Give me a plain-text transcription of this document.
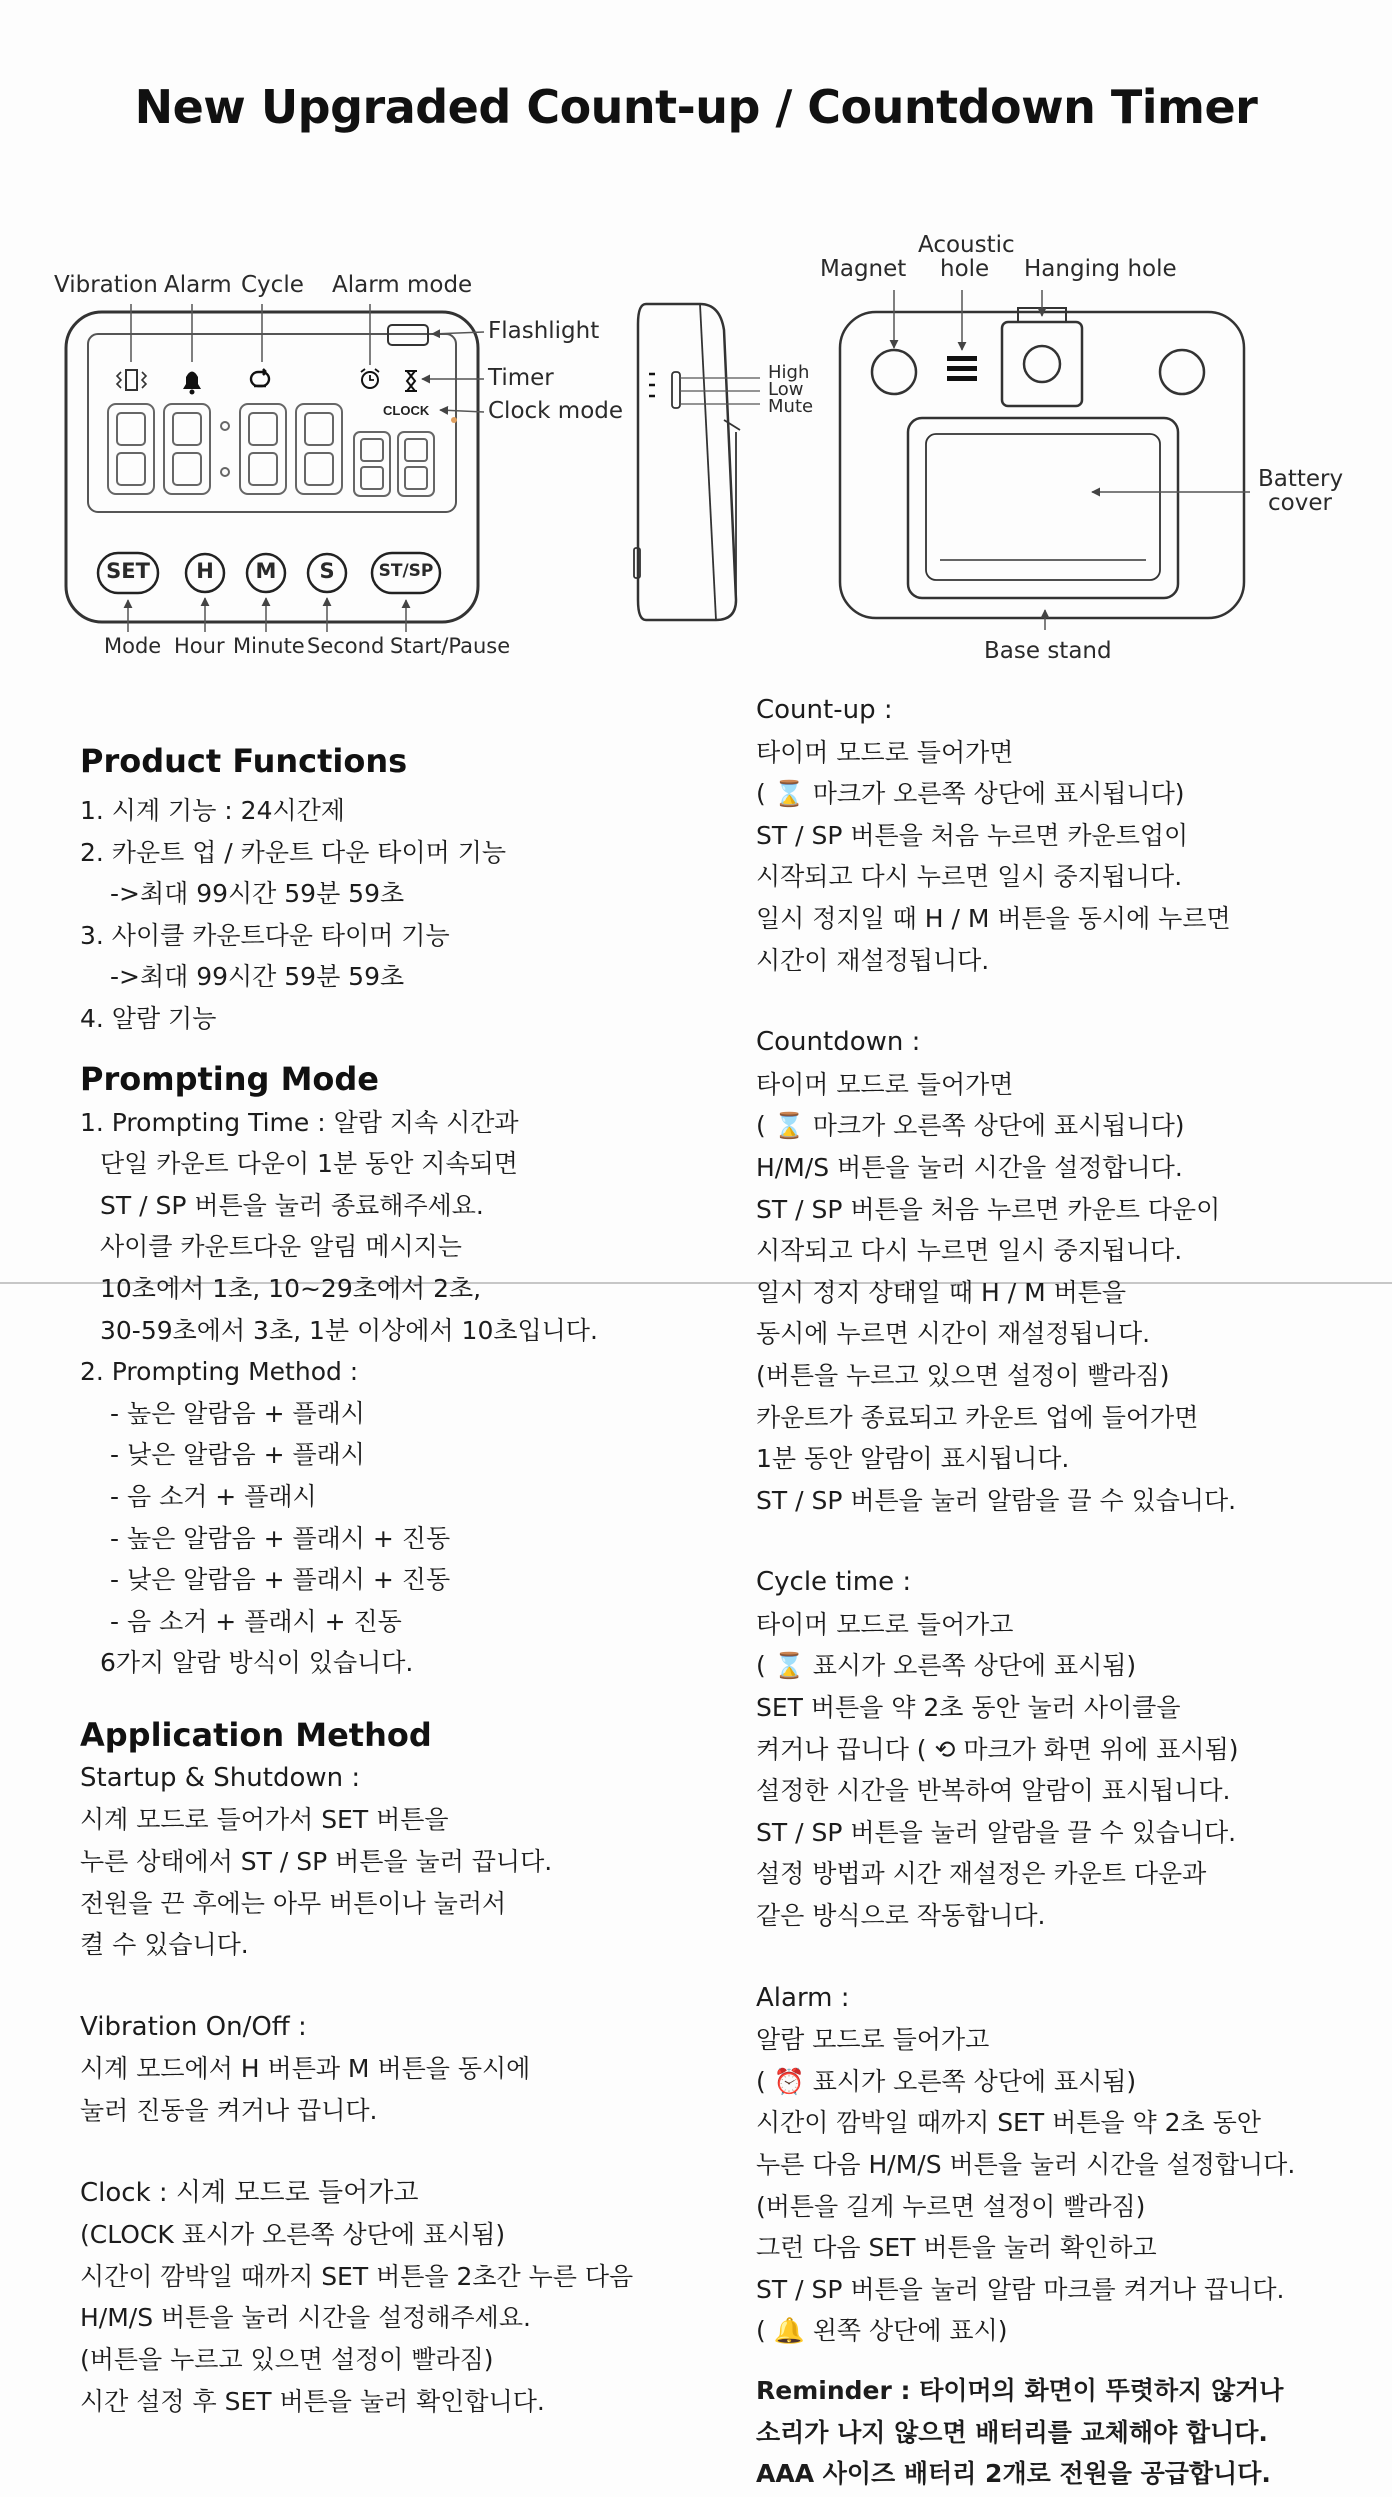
New Upgraded Count-up / Countdown Timer
CLOCK
Vibration Alarm Cycle Alarm mode
Flashlight
Timer
Clock mode
SET	H	M	S	ST/SP
Mode Hour Minute Second Start/Pause
High
Low
Mute
Magnet
Acoustic
hole Hanging hole
Battery
cover
Base stand
Product Functions

1. 시계 기능 : 24시간제

2. 카운트 업 / 카운트 다운 타이머 기능

->최대 99시간 59분 59초

3. 사이클 카운트다운 타이머 기능

->최대 99시간 59분 59초

4. 알람 기능

Prompting Mode

1. Prompting Time : 알람 지속 시간과

단일 카운트 다운이 1분 동안 지속되면

ST / SP 버튼을 눌러 종료해주세요.

사이클 카운트다운 알림 메시지는

10초에서 1초, 10~29초에서 2초,

30-59초에서 3초, 1분 이상에서 10초입니다.

2. Prompting Method :

- 높은 알람음 + 플래시

- 낮은 알람음 + 플래시

- 음 소거 + 플래시

- 높은 알람음 + 플래시 + 진동

- 낮은 알람음 + 플래시 + 진동

- 음 소거 + 플래시 + 진동

6가지 알람 방식이 있습니다.

Application Method

Startup & Shutdown :

시계 모드로 들어가서 SET 버튼을

누른 상태에서 ST / SP 버튼을 눌러 끕니다.

전원을 끈 후에는 아무 버튼이나 눌러서

켤 수 있습니다.

Vibration On/Off :

시계 모드에서 H 버튼과 M 버튼을 동시에

눌러 진동을 켜거나 끕니다.

Clock : 시계 모드로 들어가고

(CLOCK 표시가 오른쪽 상단에 표시됨)

시간이 깜박일 때까지 SET 버튼을 2초간 누른 다음

H/M/S 버튼을 눌러 시간을 설정해주세요.

(버튼을 누르고 있으면 설정이 빨라짐)

시간 설정 후 SET 버튼을 눌러 확인합니다.

Count-up :

타이머 모드로 들어가면

( ⌛ 마크가 오른쪽 상단에 표시됩니다)

ST / SP 버튼을 처음 누르면 카운트업이

시작되고 다시 누르면 일시 중지됩니다.

일시 정지일 때 H / M 버튼을 동시에 누르면

시간이 재설정됩니다.

Countdown :

타이머 모드로 들어가면

( ⌛ 마크가 오른쪽 상단에 표시됩니다)

H/M/S 버튼을 눌러 시간을 설정합니다.

ST / SP 버튼을 처음 누르면 카운트 다운이

시작되고 다시 누르면 일시 중지됩니다.

일시 정지 상태일 때 H / M 버튼을

동시에 누르면 시간이 재설정됩니다.

(버튼을 누르고 있으면 설정이 빨라짐)

카운트가 종료되고 카운트 업에 들어가면

1분 동안 알람이 표시됩니다.

ST / SP 버튼을 눌러 알람을 끌 수 있습니다.

Cycle time :

타이머 모드로 들어가고

( ⌛ 표시가 오른쪽 상단에 표시됨)

SET 버튼을 약 2초 동안 눌러 사이클을

켜거나 끕니다 ( ⟲ 마크가 화면 위에 표시됨)

설정한 시간을 반복하여 알람이 표시됩니다.

ST / SP 버튼을 눌러 알람을 끌 수 있습니다.

설정 방법과 시간 재설정은 카운트 다운과

같은 방식으로 작동합니다.

Alarm :

알람 모드로 들어가고

( ⏰ 표시가 오른쪽 상단에 표시됨)

시간이 깜박일 때까지 SET 버튼을 약 2초 동안

누른 다음 H/M/S 버튼을 눌러 시간을 설정합니다.

(버튼을 길게 누르면 설정이 빨라짐)

그런 다음 SET 버튼을 눌러 확인하고

ST / SP 버튼을 눌러 알람 마크를 켜거나 끕니다.

( 🔔 왼쪽 상단에 표시)

Reminder : 타이머의 화면이 뚜렷하지 않거나

소리가 나지 않으면 배터리를 교체해야 합니다.

AAA 사이즈 배터리 2개로 전원을 공급합니다.
